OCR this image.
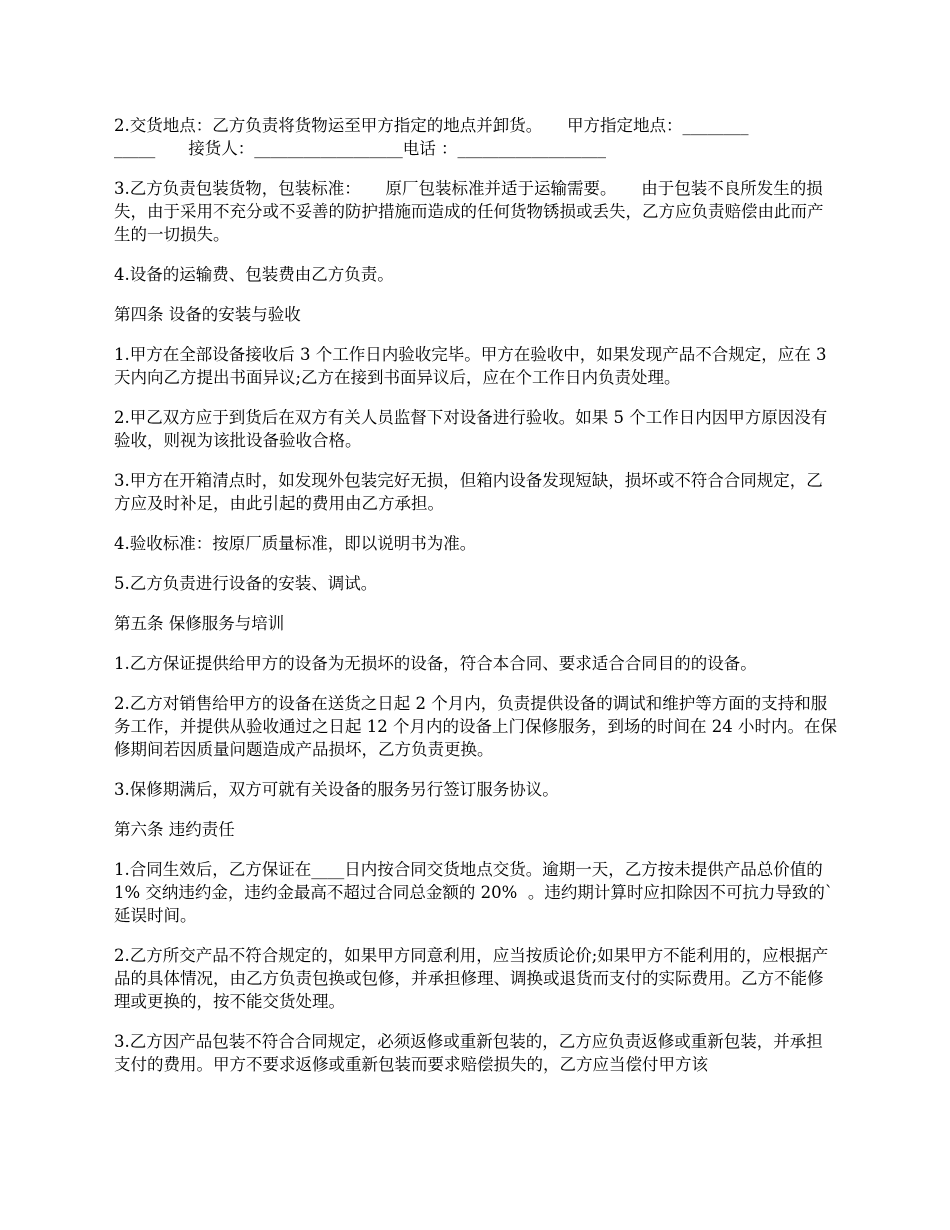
2.交货地点：乙方负责将货物运至甲方指定的地点并卸货。　　甲方指定地点：________
_____　　接货人：__________________电话 ：__________________

3.乙方负责包装货物，包装标准：　　原厂包装标准并适于运输需要。　　由于包装不良所发生的损失，由于采用不充分或不妥善的防护措施而造成的任何货物锈损或丢失，乙方应负责赔偿由此而产生的一切损失。

4.设备的运输费、包装费由乙方负责。

第四条 设备的安装与验收

1.甲方在全部设备接收后 3 个工作日内验收完毕。甲方在验收中，如果发现产品不合规定，应在 3 天内向乙方提出书面异议;乙方在接到书面异议后，应在个工作日内负责处理。

2.甲乙双方应于到货后在双方有关人员监督下对设备进行验收。如果 5 个工作日内因甲方原因没有验收，则视为该批设备验收合格。

3.甲方在开箱清点时，如发现外包装完好无损，但箱内设备发现短缺，损坏或不符合合同规定，乙方应及时补足，由此引起的费用由乙方承担。

4.验收标准：按原厂质量标准，即以说明书为准。

5.乙方负责进行设备的安装、调试。

第五条 保修服务与培训

1.乙方保证提供给甲方的设备为无损坏的设备，符合本合同、要求适合合同目的的设备。

2.乙方对销售给甲方的设备在送货之日起 2 个月内，负责提供设备的调试和维护等方面的支持和服务工作，并提供从验收通过之日起 12 个月内的设备上门保修服务，到场的时间在 24 小时内。在保修期间若因质量问题造成产品损坏，乙方负责更换。

3.保修期满后，双方可就有关设备的服务另行签订服务协议。

第六条 违约责任

1.合同生效后，乙方保证在____日内按合同交货地点交货。逾期一天，乙方按未提供产品总价值的 1% 交纳违约金，违约金最高不超过合同总金额的 20%  。违约期计算时应扣除因不可抗力导致的`延误时间。

2.乙方所交产品不符合规定的，如果甲方同意利用，应当按质论价;如果甲方不能利用的，应根据产品的具体情况，由乙方负责包换或包修，并承担修理、调换或退货而支付的实际费用。乙方不能修理或更换的，按不能交货处理。

3.乙方因产品包装不符合合同规定，必须返修或重新包装的，乙方应负责返修或重新包装，并承担支付的费用。甲方不要求返修或重新包装而要求赔偿损失的，乙方应当偿付甲方该
